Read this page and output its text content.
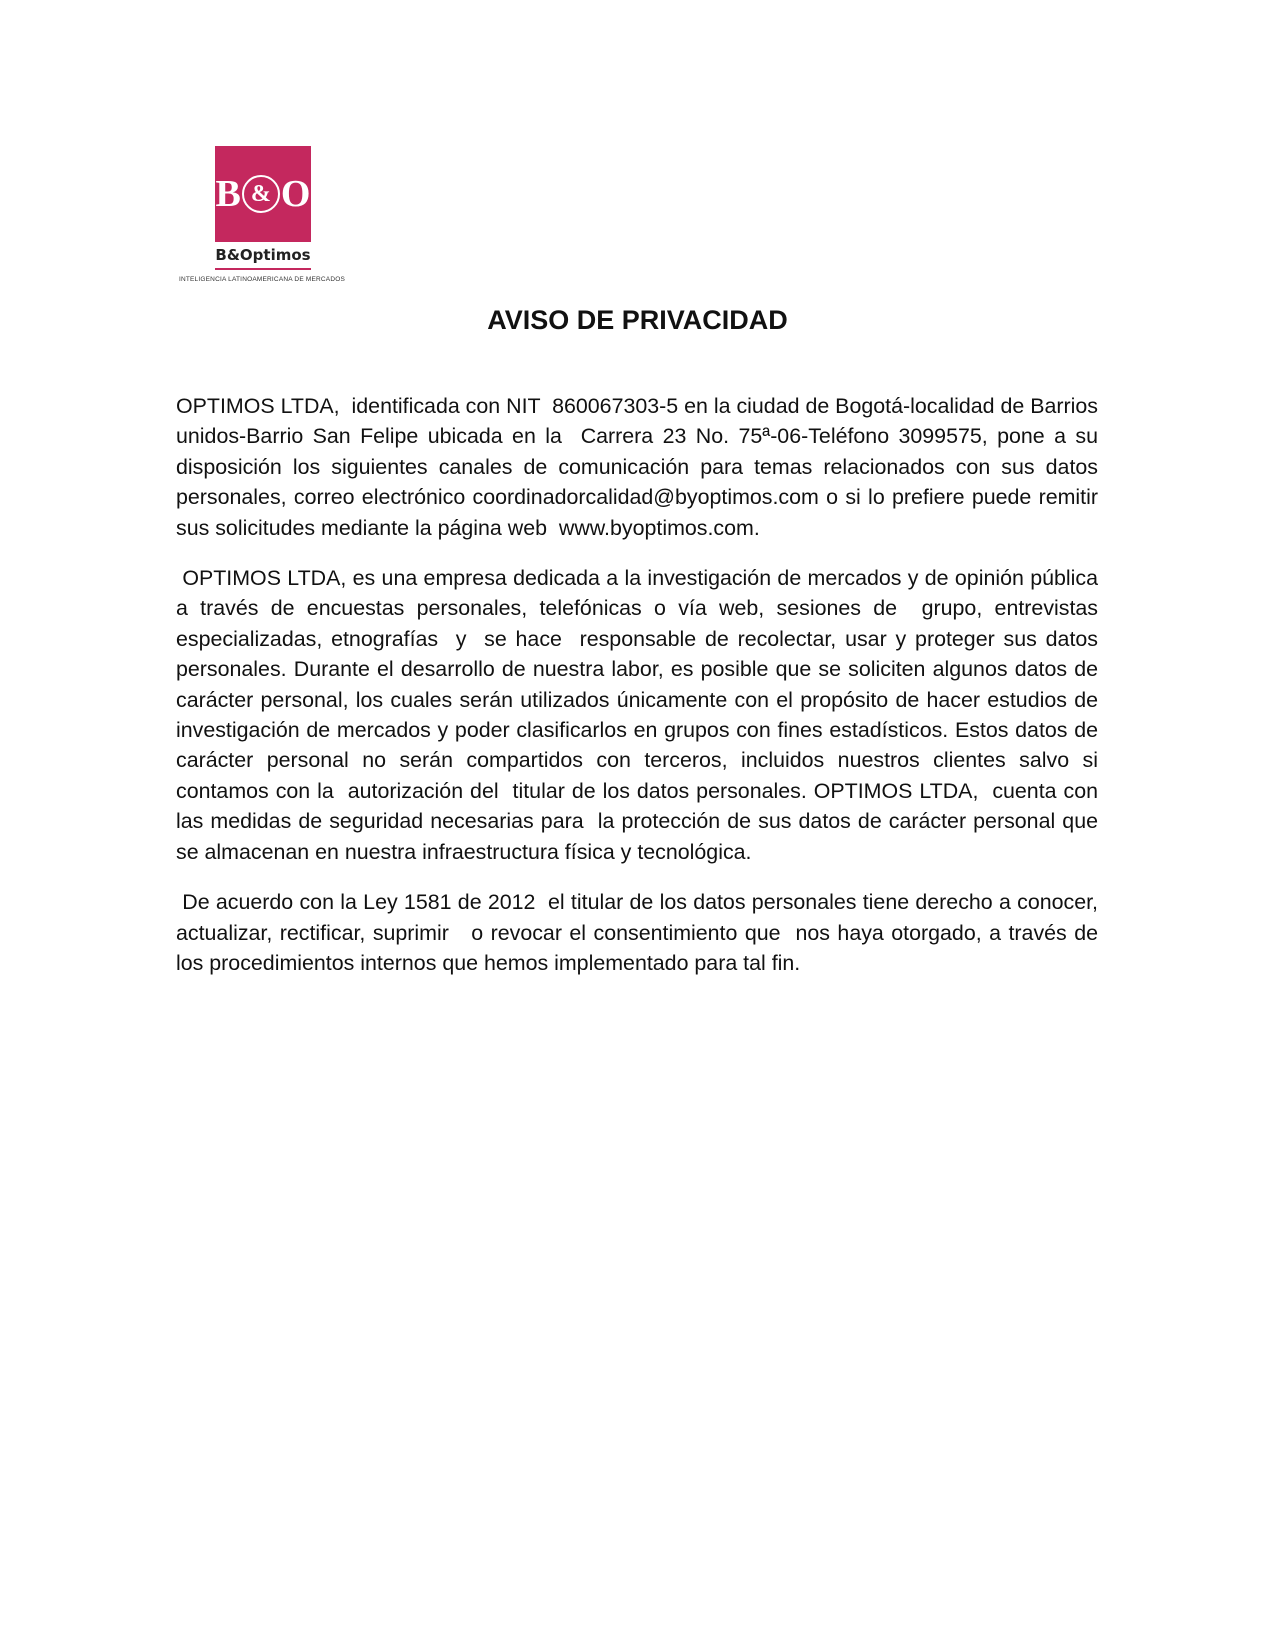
B & O
B&Optimos
INTELIGENCIA LATINOAMERICANA DE MERCADOS
AVISO DE PRIVACIDAD

OPTIMOS LTDA,  identificada con NIT  860067303-5 en la ciudad de Bogotá-localidad de Barrios unidos-Barrio San Felipe ubicada en la  Carrera 23 No. 75ª-06-Teléfono 3099575, pone a su disposición los siguientes canales de comunicación para temas relacionados con sus datos personales, correo electrónico coordinadorcalidad@byoptimos.com o si lo prefiere puede remitir sus solicitudes mediante la página web  www.byoptimos.com.

OPTIMOS LTDA, es una empresa dedicada a la investigación de mercados y de opinión pública a través de encuestas personales, telefónicas o vía web, sesiones de  grupo, entrevistas especializadas, etnografías  y  se hace  responsable de recolectar, usar y proteger sus datos personales. Durante el desarrollo de nuestra labor, es posible que se soliciten algunos datos de carácter personal, los cuales serán utilizados únicamente con el propósito de hacer estudios de investigación de mercados y poder clasificarlos en grupos con fines estadísticos. Estos datos de carácter personal no serán compartidos con terceros, incluidos nuestros clientes salvo si contamos con la  autorización del  titular de los datos personales. OPTIMOS LTDA,  cuenta con las medidas de seguridad necesarias para  la protección de sus datos de carácter personal que se almacenan en nuestra infraestructura física y tecnológica.

De acuerdo con la Ley 1581 de 2012  el titular de los datos personales tiene derecho a conocer, actualizar, rectificar, suprimir   o revocar el consentimiento que  nos haya otorgado, a través de los procedimientos internos que hemos implementado para tal fin.
